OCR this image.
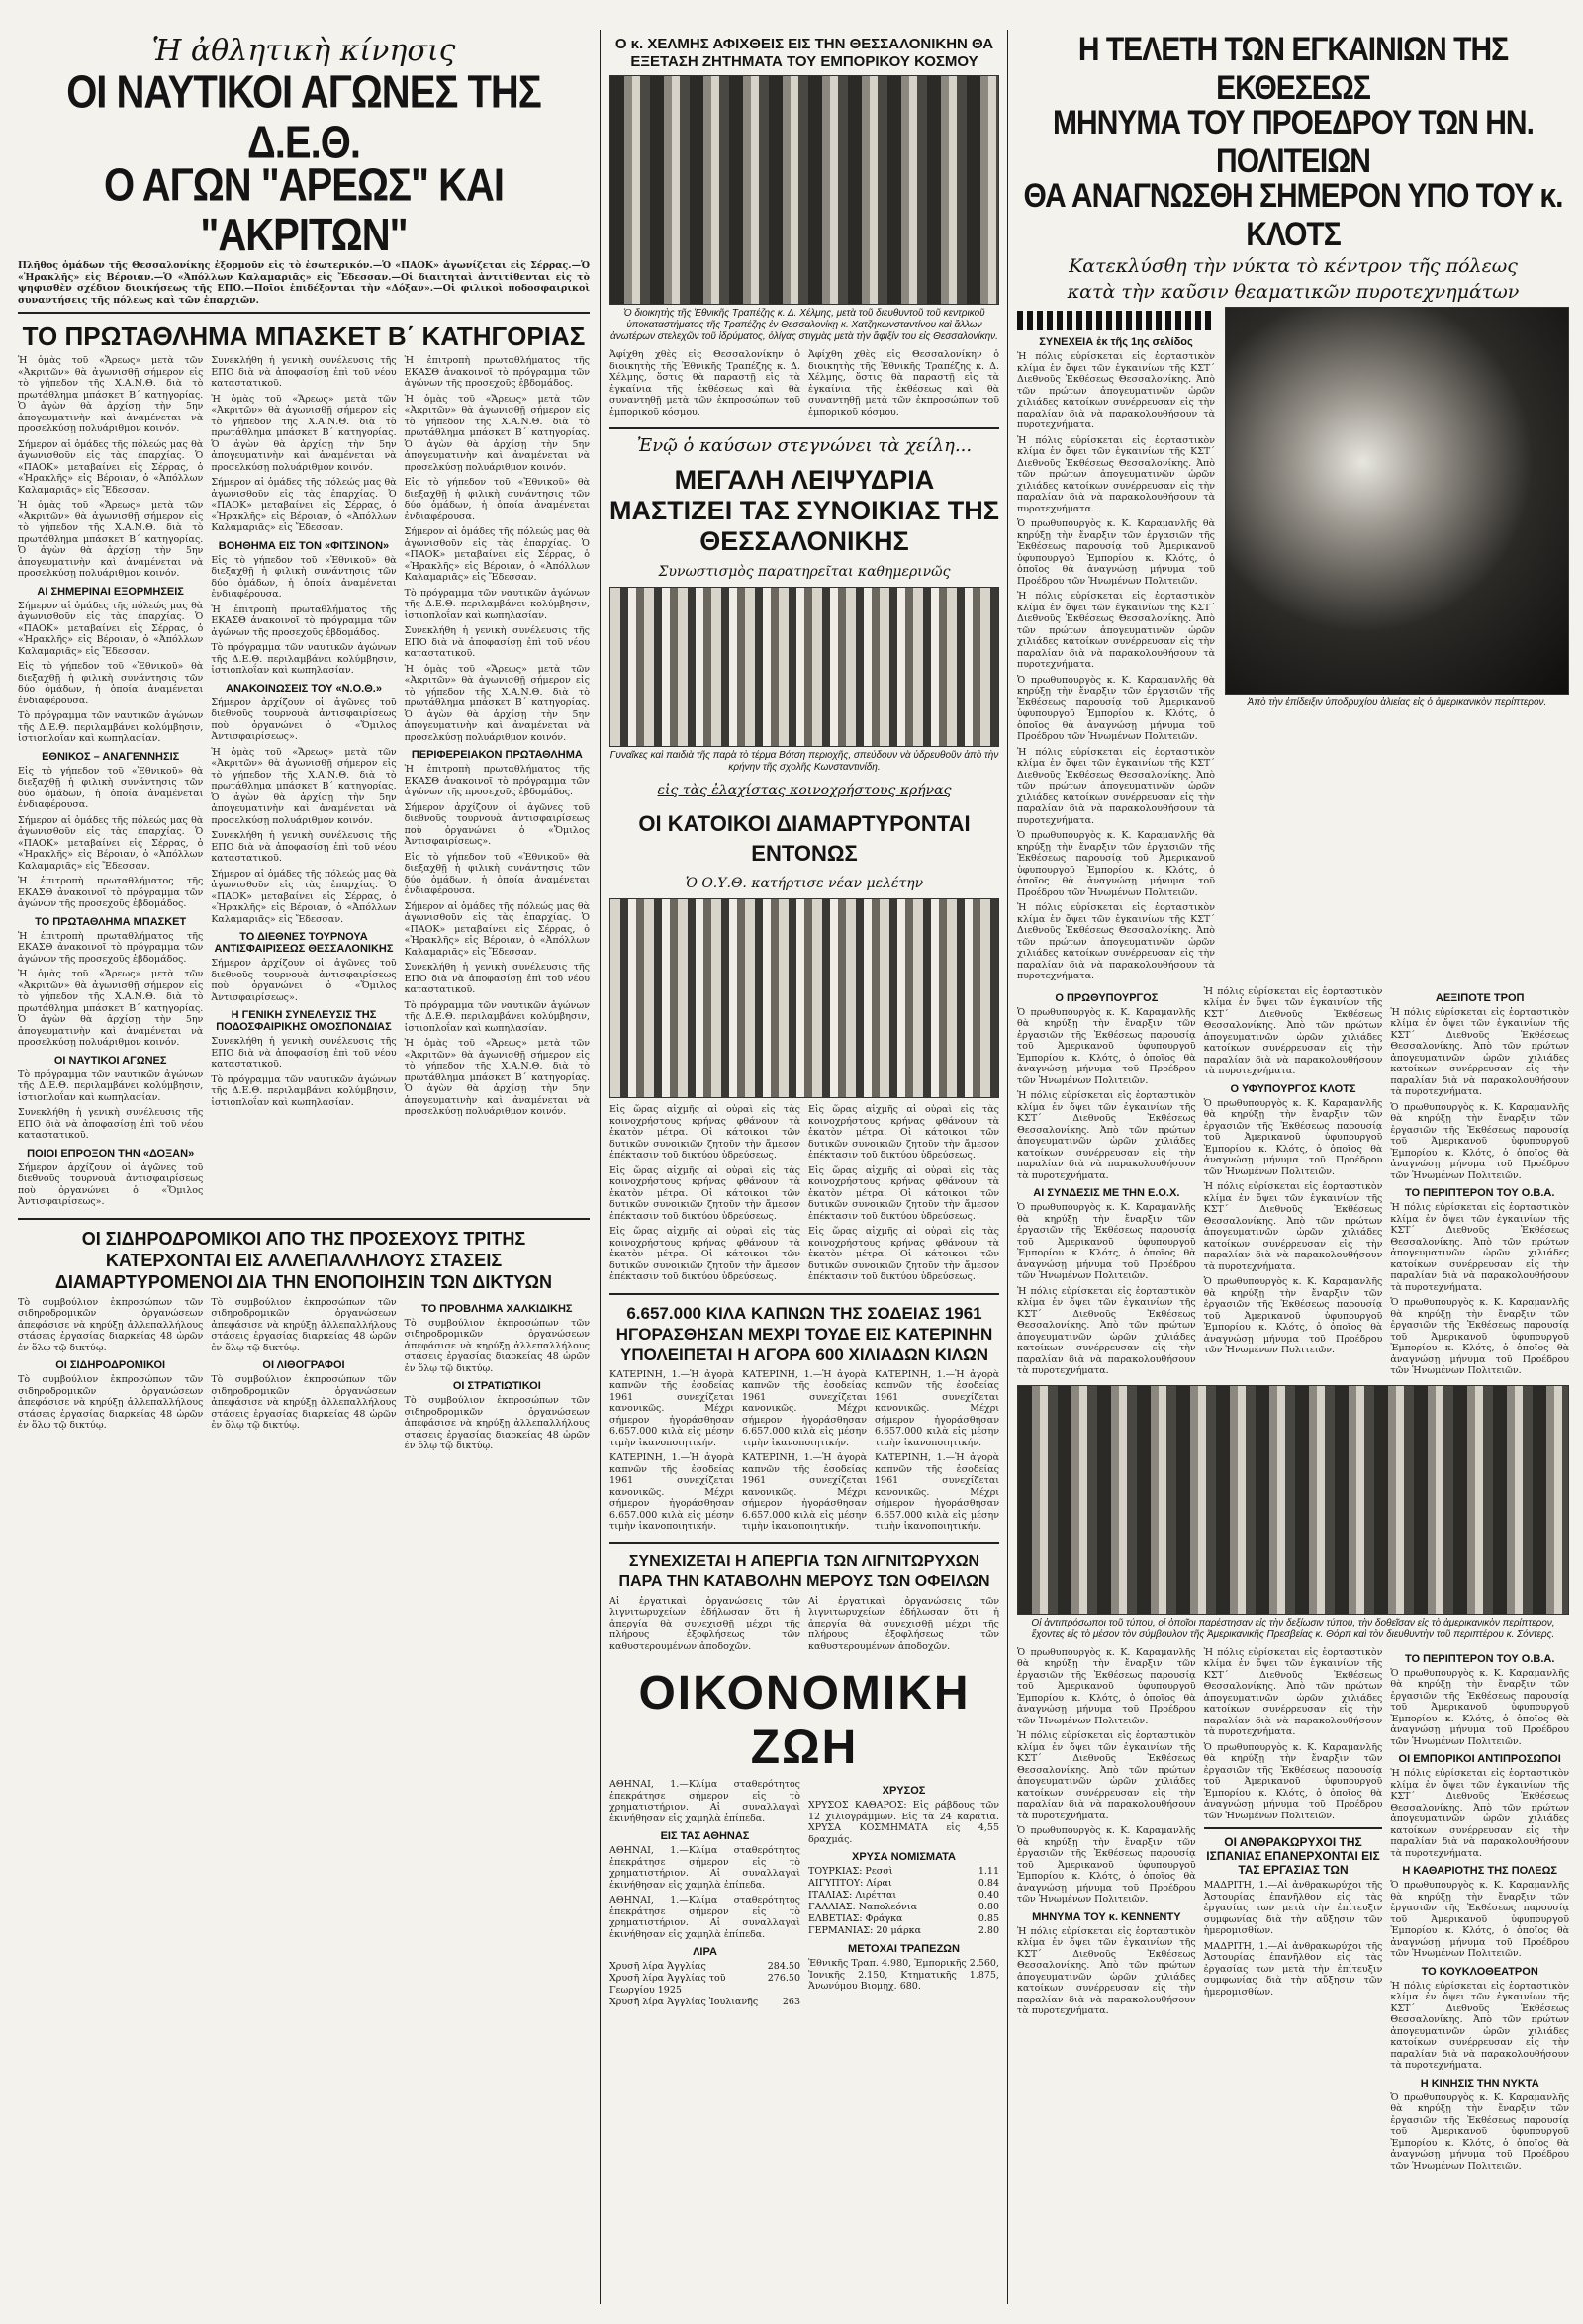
Ἡ ἀθλητικὴ κίνησις
ΟΙ ΝΑΥΤΙΚΟΙ ΑΓΩΝΕΣ ΤΗΣ Δ.Ε.Θ.
Ο ΑΓΩΝ "ΑΡΕΩΣ" ΚΑΙ "ΑΚΡΙΤΩΝ"

Πλῆθος ὁμάδων τῆς Θεσσαλονίκης ἐξορμοῦν εἰς τὸ ἐσωτερικόν.—Ὁ «ΠΑΟΚ» ἀγωνίζεται εἰς Σέρρας.—Ὁ «Ἡρακλῆς» εἰς Βέροιαν.—Ὁ «Ἀπόλλων Καλαμαριᾶς» εἰς Ἔδεσσαν.—Οἱ διαιτηταὶ ἀντιτίθενται εἰς τὸ ψηφισθὲν σχέδιον διοικήσεως τῆς ΕΠΟ.—Ποῖοι ἐπιδέξονται τὴν «Δόξαν».—Οἱ φιλικοὶ ποδοσφαιρικοὶ συναντήσεις τῆς πόλεως καὶ τῶν ἐπαρχιῶν.

ΤΟ ΠΡΩΤΑΘΛΗΜΑ ΜΠΑΣΚΕΤ Β΄ ΚΑΤΗΓΟΡΙΑΣ

Ἡ ὁμὰς τοῦ «Ἄρεως» μετὰ τῶν «Ἀκριτῶν» θὰ ἀγωνισθῇ σήμερον εἰς τὸ γήπεδον τῆς Χ.Α.Ν.Θ. διὰ τὸ πρωτάθλημα μπάσκετ Β΄ κατηγορίας. Ὁ ἀγὼν θὰ ἀρχίσῃ τὴν 5ην ἀπογευματινὴν καὶ ἀναμένεται νὰ προσελκύσῃ πολυάριθμον κοινόν.

Σήμερον αἱ ὁμάδες τῆς πόλεώς μας θὰ ἀγωνισθοῦν εἰς τὰς ἐπαρχίας. Ὁ «ΠΑΟΚ» μεταβαίνει εἰς Σέρρας, ὁ «Ἡρακλῆς» εἰς Βέροιαν, ὁ «Ἀπόλλων Καλαμαριᾶς» εἰς Ἔδεσσαν.

Ἡ ὁμὰς τοῦ «Ἄρεως» μετὰ τῶν «Ἀκριτῶν» θὰ ἀγωνισθῇ σήμερον εἰς τὸ γήπεδον τῆς Χ.Α.Ν.Θ. διὰ τὸ πρωτάθλημα μπάσκετ Β΄ κατηγορίας. Ὁ ἀγὼν θὰ ἀρχίσῃ τὴν 5ην ἀπογευματινὴν καὶ ἀναμένεται νὰ προσελκύσῃ πολυάριθμον κοινόν.

ΑΙ ΣΗΜΕΡΙΝΑΙ ΕΞΟΡΜΗΣΕΙΣ

Σήμερον αἱ ὁμάδες τῆς πόλεώς μας θὰ ἀγωνισθοῦν εἰς τὰς ἐπαρχίας. Ὁ «ΠΑΟΚ» μεταβαίνει εἰς Σέρρας, ὁ «Ἡρακλῆς» εἰς Βέροιαν, ὁ «Ἀπόλλων Καλαμαριᾶς» εἰς Ἔδεσσαν.

Εἰς τὸ γήπεδον τοῦ «Ἐθνικοῦ» θὰ διεξαχθῇ ἡ φιλικὴ συνάντησις τῶν δύο ὁμάδων, ἡ ὁποία ἀναμένεται ἐνδιαφέρουσα.

Τὸ πρόγραμμα τῶν ναυτικῶν ἀγώνων τῆς Δ.Ε.Θ. περιλαμβάνει κολύμβησιν, ἰστιοπλοΐαν καὶ κωπηλασίαν.

ΕΘΝΙΚΟΣ – ΑΝΑΓΕΝΝΗΣΙΣ

Εἰς τὸ γήπεδον τοῦ «Ἐθνικοῦ» θὰ διεξαχθῇ ἡ φιλικὴ συνάντησις τῶν δύο ὁμάδων, ἡ ὁποία ἀναμένεται ἐνδιαφέρουσα.

Σήμερον αἱ ὁμάδες τῆς πόλεώς μας θὰ ἀγωνισθοῦν εἰς τὰς ἐπαρχίας. Ὁ «ΠΑΟΚ» μεταβαίνει εἰς Σέρρας, ὁ «Ἡρακλῆς» εἰς Βέροιαν, ὁ «Ἀπόλλων Καλαμαριᾶς» εἰς Ἔδεσσαν.

Ἡ ἐπιτροπὴ πρωταθλήματος τῆς ΕΚΑΣΘ ἀνακοινοῖ τὸ πρόγραμμα τῶν ἀγώνων τῆς προσεχοῦς ἑβδομάδος.

ΤΟ ΠΡΩΤΑΘΛΗΜΑ ΜΠΑΣΚΕΤ

Ἡ ἐπιτροπὴ πρωταθλήματος τῆς ΕΚΑΣΘ ἀνακοινοῖ τὸ πρόγραμμα τῶν ἀγώνων τῆς προσεχοῦς ἑβδομάδος.

Ἡ ὁμὰς τοῦ «Ἄρεως» μετὰ τῶν «Ἀκριτῶν» θὰ ἀγωνισθῇ σήμερον εἰς τὸ γήπεδον τῆς Χ.Α.Ν.Θ. διὰ τὸ πρωτάθλημα μπάσκετ Β΄ κατηγορίας. Ὁ ἀγὼν θὰ ἀρχίσῃ τὴν 5ην ἀπογευματινὴν καὶ ἀναμένεται νὰ προσελκύσῃ πολυάριθμον κοινόν.

ΟΙ ΝΑΥΤΙΚΟΙ ΑΓΩΝΕΣ

Τὸ πρόγραμμα τῶν ναυτικῶν ἀγώνων τῆς Δ.Ε.Θ. περιλαμβάνει κολύμβησιν, ἰστιοπλοΐαν καὶ κωπηλασίαν.

Συνεκλήθη ἡ γενικὴ συνέλευσις τῆς ΕΠΟ διὰ νὰ ἀποφασίσῃ ἐπὶ τοῦ νέου καταστατικοῦ.

ΠΟΙΟΙ ΕΠΡΟΞΟΝ ΤΗΝ «ΔΟΞΑΝ»

Σήμερον ἀρχίζουν οἱ ἀγῶνες τοῦ διεθνοῦς τουρνουὰ ἀντισφαιρίσεως ποὺ ὀργανώνει ὁ «Ὅμιλος Ἀντισφαιρίσεως».

Συνεκλήθη ἡ γενικὴ συνέλευσις τῆς ΕΠΟ διὰ νὰ ἀποφασίσῃ ἐπὶ τοῦ νέου καταστατικοῦ.

Ἡ ὁμὰς τοῦ «Ἄρεως» μετὰ τῶν «Ἀκριτῶν» θὰ ἀγωνισθῇ σήμερον εἰς τὸ γήπεδον τῆς Χ.Α.Ν.Θ. διὰ τὸ πρωτάθλημα μπάσκετ Β΄ κατηγορίας. Ὁ ἀγὼν θὰ ἀρχίσῃ τὴν 5ην ἀπογευματινὴν καὶ ἀναμένεται νὰ προσελκύσῃ πολυάριθμον κοινόν.

Σήμερον αἱ ὁμάδες τῆς πόλεώς μας θὰ ἀγωνισθοῦν εἰς τὰς ἐπαρχίας. Ὁ «ΠΑΟΚ» μεταβαίνει εἰς Σέρρας, ὁ «Ἡρακλῆς» εἰς Βέροιαν, ὁ «Ἀπόλλων Καλαμαριᾶς» εἰς Ἔδεσσαν.

ΒΟΗΘΗΜΑ ΕΙΣ ΤΟΝ «ΦΙΤΣΙΝΟΝ»

Εἰς τὸ γήπεδον τοῦ «Ἐθνικοῦ» θὰ διεξαχθῇ ἡ φιλικὴ συνάντησις τῶν δύο ὁμάδων, ἡ ὁποία ἀναμένεται ἐνδιαφέρουσα.

Ἡ ἐπιτροπὴ πρωταθλήματος τῆς ΕΚΑΣΘ ἀνακοινοῖ τὸ πρόγραμμα τῶν ἀγώνων τῆς προσεχοῦς ἑβδομάδος.

Τὸ πρόγραμμα τῶν ναυτικῶν ἀγώνων τῆς Δ.Ε.Θ. περιλαμβάνει κολύμβησιν, ἰστιοπλοΐαν καὶ κωπηλασίαν.

ΑΝΑΚΟΙΝΩΣΕΙΣ ΤΟΥ «Ν.Ο.Θ.»

Σήμερον ἀρχίζουν οἱ ἀγῶνες τοῦ διεθνοῦς τουρνουὰ ἀντισφαιρίσεως ποὺ ὀργανώνει ὁ «Ὅμιλος Ἀντισφαιρίσεως».

Ἡ ὁμὰς τοῦ «Ἄρεως» μετὰ τῶν «Ἀκριτῶν» θὰ ἀγωνισθῇ σήμερον εἰς τὸ γήπεδον τῆς Χ.Α.Ν.Θ. διὰ τὸ πρωτάθλημα μπάσκετ Β΄ κατηγορίας. Ὁ ἀγὼν θὰ ἀρχίσῃ τὴν 5ην ἀπογευματινὴν καὶ ἀναμένεται νὰ προσελκύσῃ πολυάριθμον κοινόν.

Συνεκλήθη ἡ γενικὴ συνέλευσις τῆς ΕΠΟ διὰ νὰ ἀποφασίσῃ ἐπὶ τοῦ νέου καταστατικοῦ.

Σήμερον αἱ ὁμάδες τῆς πόλεώς μας θὰ ἀγωνισθοῦν εἰς τὰς ἐπαρχίας. Ὁ «ΠΑΟΚ» μεταβαίνει εἰς Σέρρας, ὁ «Ἡρακλῆς» εἰς Βέροιαν, ὁ «Ἀπόλλων Καλαμαριᾶς» εἰς Ἔδεσσαν.

ΤΟ ΔΙΕΘΝΕΣ ΤΟΥΡΝΟΥΑ ΑΝΤΙΣΦΑΙΡΙΣΕΩΣ ΘΕΣΣΑΛΟΝΙΚΗΣ

Σήμερον ἀρχίζουν οἱ ἀγῶνες τοῦ διεθνοῦς τουρνουὰ ἀντισφαιρίσεως ποὺ ὀργανώνει ὁ «Ὅμιλος Ἀντισφαιρίσεως».

Η ΓΕΝΙΚΗ ΣΥΝΕΛΕΥΣΙΣ ΤΗΣ ΠΟΔΟΣΦΑΙΡΙΚΗΣ ΟΜΟΣΠΟΝΔΙΑΣ

Συνεκλήθη ἡ γενικὴ συνέλευσις τῆς ΕΠΟ διὰ νὰ ἀποφασίσῃ ἐπὶ τοῦ νέου καταστατικοῦ.

Τὸ πρόγραμμα τῶν ναυτικῶν ἀγώνων τῆς Δ.Ε.Θ. περιλαμβάνει κολύμβησιν, ἰστιοπλοΐαν καὶ κωπηλασίαν.

Ἡ ἐπιτροπὴ πρωταθλήματος τῆς ΕΚΑΣΘ ἀνακοινοῖ τὸ πρόγραμμα τῶν ἀγώνων τῆς προσεχοῦς ἑβδομάδος.

Ἡ ὁμὰς τοῦ «Ἄρεως» μετὰ τῶν «Ἀκριτῶν» θὰ ἀγωνισθῇ σήμερον εἰς τὸ γήπεδον τῆς Χ.Α.Ν.Θ. διὰ τὸ πρωτάθλημα μπάσκετ Β΄ κατηγορίας. Ὁ ἀγὼν θὰ ἀρχίσῃ τὴν 5ην ἀπογευματινὴν καὶ ἀναμένεται νὰ προσελκύσῃ πολυάριθμον κοινόν.

Εἰς τὸ γήπεδον τοῦ «Ἐθνικοῦ» θὰ διεξαχθῇ ἡ φιλικὴ συνάντησις τῶν δύο ὁμάδων, ἡ ὁποία ἀναμένεται ἐνδιαφέρουσα.

Σήμερον αἱ ὁμάδες τῆς πόλεώς μας θὰ ἀγωνισθοῦν εἰς τὰς ἐπαρχίας. Ὁ «ΠΑΟΚ» μεταβαίνει εἰς Σέρρας, ὁ «Ἡρακλῆς» εἰς Βέροιαν, ὁ «Ἀπόλλων Καλαμαριᾶς» εἰς Ἔδεσσαν.

Τὸ πρόγραμμα τῶν ναυτικῶν ἀγώνων τῆς Δ.Ε.Θ. περιλαμβάνει κολύμβησιν, ἰστιοπλοΐαν καὶ κωπηλασίαν.

Συνεκλήθη ἡ γενικὴ συνέλευσις τῆς ΕΠΟ διὰ νὰ ἀποφασίσῃ ἐπὶ τοῦ νέου καταστατικοῦ.

Ἡ ὁμὰς τοῦ «Ἄρεως» μετὰ τῶν «Ἀκριτῶν» θὰ ἀγωνισθῇ σήμερον εἰς τὸ γήπεδον τῆς Χ.Α.Ν.Θ. διὰ τὸ πρωτάθλημα μπάσκετ Β΄ κατηγορίας. Ὁ ἀγὼν θὰ ἀρχίσῃ τὴν 5ην ἀπογευματινὴν καὶ ἀναμένεται νὰ προσελκύσῃ πολυάριθμον κοινόν.

ΠΕΡΙΦΕΡΕΙΑΚΟΝ ΠΡΩΤΑΘΛΗΜΑ

Ἡ ἐπιτροπὴ πρωταθλήματος τῆς ΕΚΑΣΘ ἀνακοινοῖ τὸ πρόγραμμα τῶν ἀγώνων τῆς προσεχοῦς ἑβδομάδος.

Σήμερον ἀρχίζουν οἱ ἀγῶνες τοῦ διεθνοῦς τουρνουὰ ἀντισφαιρίσεως ποὺ ὀργανώνει ὁ «Ὅμιλος Ἀντισφαιρίσεως».

Εἰς τὸ γήπεδον τοῦ «Ἐθνικοῦ» θὰ διεξαχθῇ ἡ φιλικὴ συνάντησις τῶν δύο ὁμάδων, ἡ ὁποία ἀναμένεται ἐνδιαφέρουσα.

Σήμερον αἱ ὁμάδες τῆς πόλεώς μας θὰ ἀγωνισθοῦν εἰς τὰς ἐπαρχίας. Ὁ «ΠΑΟΚ» μεταβαίνει εἰς Σέρρας, ὁ «Ἡρακλῆς» εἰς Βέροιαν, ὁ «Ἀπόλλων Καλαμαριᾶς» εἰς Ἔδεσσαν.

Συνεκλήθη ἡ γενικὴ συνέλευσις τῆς ΕΠΟ διὰ νὰ ἀποφασίσῃ ἐπὶ τοῦ νέου καταστατικοῦ.

Τὸ πρόγραμμα τῶν ναυτικῶν ἀγώνων τῆς Δ.Ε.Θ. περιλαμβάνει κολύμβησιν, ἰστιοπλοΐαν καὶ κωπηλασίαν.

Ἡ ὁμὰς τοῦ «Ἄρεως» μετὰ τῶν «Ἀκριτῶν» θὰ ἀγωνισθῇ σήμερον εἰς τὸ γήπεδον τῆς Χ.Α.Ν.Θ. διὰ τὸ πρωτάθλημα μπάσκετ Β΄ κατηγορίας. Ὁ ἀγὼν θὰ ἀρχίσῃ τὴν 5ην ἀπογευματινὴν καὶ ἀναμένεται νὰ προσελκύσῃ πολυάριθμον κοινόν.

ΟΙ ΣΙΔΗΡΟΔΡΟΜΙΚΟΙ ΑΠΟ ΤΗΣ ΠΡΟΣΕΧΟΥΣ ΤΡΙΤΗΣ ΚΑΤΕΡΧΟΝΤΑΙ ΕΙΣ ΑΛΛΕΠΑΛΛΗΛΟΥΣ ΣΤΑΣΕΙΣ ΔΙΑΜΑΡΤΥΡΟΜΕΝΟΙ ΔΙΑ ΤΗΝ ΕΝΟΠΟΙΗΣΙΝ ΤΩΝ ΔΙΚΤΥΩΝ

Τὸ συμβούλιον ἐκπροσώπων τῶν σιδηροδρομικῶν ὀργανώσεων ἀπεφάσισε νὰ κηρύξῃ ἀλλεπαλλήλους στάσεις ἐργασίας διαρκείας 48 ὡρῶν ἐν ὅλῳ τῷ δικτύῳ.

ΟΙ ΣΙΔΗΡΟΔΡΟΜΙΚΟΙ

Τὸ συμβούλιον ἐκπροσώπων τῶν σιδηροδρομικῶν ὀργανώσεων ἀπεφάσισε νὰ κηρύξῃ ἀλλεπαλλήλους στάσεις ἐργασίας διαρκείας 48 ὡρῶν ἐν ὅλῳ τῷ δικτύῳ.

Τὸ συμβούλιον ἐκπροσώπων τῶν σιδηροδρομικῶν ὀργανώσεων ἀπεφάσισε νὰ κηρύξῃ ἀλλεπαλλήλους στάσεις ἐργασίας διαρκείας 48 ὡρῶν ἐν ὅλῳ τῷ δικτύῳ.

ΟΙ ΛΙΘΟΓΡΑΦΟΙ

Τὸ συμβούλιον ἐκπροσώπων τῶν σιδηροδρομικῶν ὀργανώσεων ἀπεφάσισε νὰ κηρύξῃ ἀλλεπαλλήλους στάσεις ἐργασίας διαρκείας 48 ὡρῶν ἐν ὅλῳ τῷ δικτύῳ.

ΤΟ ΠΡΟΒΛΗΜΑ ΧΑΛΚΙΔΙΚΗΣ

Τὸ συμβούλιον ἐκπροσώπων τῶν σιδηροδρομικῶν ὀργανώσεων ἀπεφάσισε νὰ κηρύξῃ ἀλλεπαλλήλους στάσεις ἐργασίας διαρκείας 48 ὡρῶν ἐν ὅλῳ τῷ δικτύῳ.

ΟΙ ΣΤΡΑΤΙΩΤΙΚΟΙ

Τὸ συμβούλιον ἐκπροσώπων τῶν σιδηροδρομικῶν ὀργανώσεων ἀπεφάσισε νὰ κηρύξῃ ἀλλεπαλλήλους στάσεις ἐργασίας διαρκείας 48 ὡρῶν ἐν ὅλῳ τῷ δικτύῳ.

Ο κ. ΧΕΛΜΗΣ ΑΦΙΧΘΕΙΣ ΕΙΣ ΤΗΝ ΘΕΣΣΑΛΟΝΙΚΗΝ ΘΑ ΕΞΕΤΑΣΗ ΖΗΤΗΜΑΤΑ ΤΟΥ ΕΜΠΟΡΙΚΟΥ ΚΟΣΜΟΥ
Ὁ διοικητὴς τῆς Ἐθνικῆς Τραπέζης κ. Δ. Χέλμης, μετὰ τοῦ διευθυντοῦ τοῦ κεντρικοῦ ὑποκαταστήματος τῆς Τραπέζης ἐν Θεσσαλονίκῃ κ. Χατζηκωνσταντίνου καὶ ἄλλων ἀνωτέρων στελεχῶν τοῦ ἱδρύματος, ὀλίγας στιγμὰς μετὰ τὴν ἄφιξίν του εἰς Θεσσαλονίκην.

Ἀφίχθη χθὲς εἰς Θεσσαλονίκην ὁ διοικητὴς τῆς Ἐθνικῆς Τραπέζης κ. Δ. Χέλμης, ὅστις θὰ παραστῇ εἰς τὰ ἐγκαίνια τῆς ἐκθέσεως καὶ θὰ συναντηθῇ μετὰ τῶν ἐκπροσώπων τοῦ ἐμπορικοῦ κόσμου.

Ἀφίχθη χθὲς εἰς Θεσσαλονίκην ὁ διοικητὴς τῆς Ἐθνικῆς Τραπέζης κ. Δ. Χέλμης, ὅστις θὰ παραστῇ εἰς τὰ ἐγκαίνια τῆς ἐκθέσεως καὶ θὰ συναντηθῇ μετὰ τῶν ἐκπροσώπων τοῦ ἐμπορικοῦ κόσμου.

Ἐνῷ ὁ καύσων στεγνώνει τὰ χείλη...
ΜΕΓΑΛΗ ΛΕΙΨΥΔΡΙΑ ΜΑΣΤΙΖΕΙ ΤΑΣ ΣΥΝΟΙΚΙΑΣ ΤΗΣ ΘΕΣΣΑΛΟΝΙΚΗΣ
Συνωστισμὸς παρατηρεῖται καθημερινῶς
Γυναῖκες καὶ παιδιὰ τῆς παρὰ τὸ τέρμα Βότση περιοχῆς, σπεύδουν νὰ ὑδρευθοῦν ἀπὸ τὴν κρήνην τῆς σχολῆς Κωνσταντινίδη.
εἰς τὰς ἐλαχίστας κοινοχρήστους κρήνας
ΟΙ ΚΑΤΟΙΚΟΙ ΔΙΑΜΑΡΤΥΡΟΝΤΑΙ ΕΝΤΟΝΩΣ
Ὁ Ο.Υ.Θ. κατήρτισε νέαν μελέτην

Εἰς ὥρας αἰχμῆς αἱ οὐραὶ εἰς τὰς κοινοχρήστους κρήνας φθάνουν τὰ ἑκατὸν μέτρα. Οἱ κάτοικοι τῶν δυτικῶν συνοικιῶν ζητοῦν τὴν ἄμεσον ἐπέκτασιν τοῦ δικτύου ὑδρεύσεως.

Εἰς ὥρας αἰχμῆς αἱ οὐραὶ εἰς τὰς κοινοχρήστους κρήνας φθάνουν τὰ ἑκατὸν μέτρα. Οἱ κάτοικοι τῶν δυτικῶν συνοικιῶν ζητοῦν τὴν ἄμεσον ἐπέκτασιν τοῦ δικτύου ὑδρεύσεως.

Εἰς ὥρας αἰχμῆς αἱ οὐραὶ εἰς τὰς κοινοχρήστους κρήνας φθάνουν τὰ ἑκατὸν μέτρα. Οἱ κάτοικοι τῶν δυτικῶν συνοικιῶν ζητοῦν τὴν ἄμεσον ἐπέκτασιν τοῦ δικτύου ὑδρεύσεως.

Εἰς ὥρας αἰχμῆς αἱ οὐραὶ εἰς τὰς κοινοχρήστους κρήνας φθάνουν τὰ ἑκατὸν μέτρα. Οἱ κάτοικοι τῶν δυτικῶν συνοικιῶν ζητοῦν τὴν ἄμεσον ἐπέκτασιν τοῦ δικτύου ὑδρεύσεως.

Εἰς ὥρας αἰχμῆς αἱ οὐραὶ εἰς τὰς κοινοχρήστους κρήνας φθάνουν τὰ ἑκατὸν μέτρα. Οἱ κάτοικοι τῶν δυτικῶν συνοικιῶν ζητοῦν τὴν ἄμεσον ἐπέκτασιν τοῦ δικτύου ὑδρεύσεως.

Εἰς ὥρας αἰχμῆς αἱ οὐραὶ εἰς τὰς κοινοχρήστους κρήνας φθάνουν τὰ ἑκατὸν μέτρα. Οἱ κάτοικοι τῶν δυτικῶν συνοικιῶν ζητοῦν τὴν ἄμεσον ἐπέκτασιν τοῦ δικτύου ὑδρεύσεως.

6.657.000 ΚΙΛΑ ΚΑΠΝΩΝ ΤΗΣ ΣΟΔΕΙΑΣ 1961 ΗΓΟΡΑΣΘΗΣΑΝ ΜΕΧΡΙ ΤΟΥΔΕ ΕΙΣ ΚΑΤΕΡΙΝΗΝ ΥΠΟΛΕΙΠΕΤΑΙ Η ΑΓΟΡΑ 600 ΧΙΛΙΑΔΩΝ ΚΙΛΩΝ

ΚΑΤΕΡΙΝΗ, 1.—Ἡ ἀγορὰ καπνῶν τῆς ἐσοδείας 1961 συνεχίζεται κανονικῶς. Μέχρι σήμερον ἠγοράσθησαν 6.657.000 κιλὰ εἰς μέσην τιμὴν ἱκανοποιητικήν.

ΚΑΤΕΡΙΝΗ, 1.—Ἡ ἀγορὰ καπνῶν τῆς ἐσοδείας 1961 συνεχίζεται κανονικῶς. Μέχρι σήμερον ἠγοράσθησαν 6.657.000 κιλὰ εἰς μέσην τιμὴν ἱκανοποιητικήν.

ΚΑΤΕΡΙΝΗ, 1.—Ἡ ἀγορὰ καπνῶν τῆς ἐσοδείας 1961 συνεχίζεται κανονικῶς. Μέχρι σήμερον ἠγοράσθησαν 6.657.000 κιλὰ εἰς μέσην τιμὴν ἱκανοποιητικήν.

ΚΑΤΕΡΙΝΗ, 1.—Ἡ ἀγορὰ καπνῶν τῆς ἐσοδείας 1961 συνεχίζεται κανονικῶς. Μέχρι σήμερον ἠγοράσθησαν 6.657.000 κιλὰ εἰς μέσην τιμὴν ἱκανοποιητικήν.

ΚΑΤΕΡΙΝΗ, 1.—Ἡ ἀγορὰ καπνῶν τῆς ἐσοδείας 1961 συνεχίζεται κανονικῶς. Μέχρι σήμερον ἠγοράσθησαν 6.657.000 κιλὰ εἰς μέσην τιμὴν ἱκανοποιητικήν.

ΚΑΤΕΡΙΝΗ, 1.—Ἡ ἀγορὰ καπνῶν τῆς ἐσοδείας 1961 συνεχίζεται κανονικῶς. Μέχρι σήμερον ἠγοράσθησαν 6.657.000 κιλὰ εἰς μέσην τιμὴν ἱκανοποιητικήν.

ΣΥΝΕΧΙΖΕΤΑΙ Η ΑΠΕΡΓΙΑ ΤΩΝ ΛΙΓΝΙΤΩΡΥΧΩΝ ΠΑΡΑ ΤΗΝ ΚΑΤΑΒΟΛΗΝ ΜΕΡΟΥΣ ΤΩΝ ΟΦΕΙΛΩΝ

Αἱ ἐργατικαὶ ὀργανώσεις τῶν λιγνιτωρυχείων ἐδήλωσαν ὅτι ἡ ἀπεργία θὰ συνεχισθῇ μέχρι τῆς πλήρους ἐξοφλήσεως τῶν καθυστερουμένων ἀποδοχῶν.

Αἱ ἐργατικαὶ ὀργανώσεις τῶν λιγνιτωρυχείων ἐδήλωσαν ὅτι ἡ ἀπεργία θὰ συνεχισθῇ μέχρι τῆς πλήρους ἐξοφλήσεως τῶν καθυστερουμένων ἀποδοχῶν.

ΟΙΚΟΝΟΜΙΚΗ ΖΩΗ

ΑΘΗΝΑΙ, 1.—Κλίμα σταθερότητος ἐπεκράτησε σήμερον εἰς τὸ χρηματιστήριον. Αἱ συναλλαγαὶ ἐκινήθησαν εἰς χαμηλὰ ἐπίπεδα.

ΕΙΣ ΤΑΣ ΑΘΗΝΑΣ

ΑΘΗΝΑΙ, 1.—Κλίμα σταθερότητος ἐπεκράτησε σήμερον εἰς τὸ χρηματιστήριον. Αἱ συναλλαγαὶ ἐκινήθησαν εἰς χαμηλὰ ἐπίπεδα.

ΑΘΗΝΑΙ, 1.—Κλίμα σταθερότητος ἐπεκράτησε σήμερον εἰς τὸ χρηματιστήριον. Αἱ συναλλαγαὶ ἐκινήθησαν εἰς χαμηλὰ ἐπίπεδα.

ΛΙΡΑ
Χρυσῆ λίρα Ἀγγλίας	284.50
Χρυσῆ λίρα Ἀγγλίας τοῦ Γεωργίου 1925
276.50
Χρυσῆ λίρα Ἀγγλίας Ἰουλιανῆς	263
ΧΡΥΣΟΣ

ΧΡΥΣΟΣ ΚΑΘΑΡΟΣ: Εἰς ράβδους τῶν 12 χιλιογράμμων. Εἰς τὰ 24 καράτια. ΧΡΥΣΑ ΚΟΣΜΗΜΑΤΑ εἰς 4,55 δραχμάς.

ΧΡΥΣΑ ΝΟΜΙΣΜΑΤΑ
ΤΟΥΡΚΙΑΣ: Ρεσσὶ	1.11
ΑΙΓΥΠΤΟΥ: Λίραι	0.84
ΙΤΑΛΙΑΣ: Λιρέτται	0.40
ΓΑΛΛΙΑΣ: Ναπολεόνια	0.80
ΕΛΒΕΤΙΑΣ: Φράγκα	0.85
ΓΕΡΜΑΝΙΑΣ: 20 μάρκα	2.80
ΜΕΤΟΧΑΙ ΤΡΑΠΕΖΩΝ

Ἐθνικῆς Τραπ. 4.980, Ἐμπορικῆς 2.560, Ἰονικῆς 2.150, Κτηματικῆς 1.875, Ἀνωνύμου Βιομηχ. 680.

Η ΤΕΛΕΤΗ ΤΩΝ ΕΓΚΑΙΝΙΩΝ ΤΗΣ ΕΚΘΕΣΕΩΣ
ΜΗΝΥΜΑ ΤΟΥ ΠΡΟΕΔΡΟΥ ΤΩΝ ΗΝ. ΠΟΛΙΤΕΙΩΝ
ΘΑ ΑΝΑΓΝΩΣΘΗ ΣΗΜΕΡΟΝ ΥΠΟ ΤΟΥ κ. ΚΛΟΤΣ
Κατεκλύσθη τὴν νύκτα τὸ κέντρον τῆς πόλεως
κατὰ τὴν καῦσιν θεαματικῶν πυροτεχνημάτων
ΣΥΝΕΧΕΙΑ ἐκ τῆς 1ης σελίδος

Ἡ πόλις εὑρίσκεται εἰς ἑορταστικὸν κλίμα ἐν ὄψει τῶν ἐγκαινίων τῆς ΚΣΤ΄ Διεθνοῦς Ἐκθέσεως Θεσσαλονίκης. Ἀπὸ τῶν πρώτων ἀπογευματινῶν ὡρῶν χιλιάδες κατοίκων συνέρρευσαν εἰς τὴν παραλίαν διὰ νὰ παρακολουθήσουν τὰ πυροτεχνήματα.

Ἡ πόλις εὑρίσκεται εἰς ἑορταστικὸν κλίμα ἐν ὄψει τῶν ἐγκαινίων τῆς ΚΣΤ΄ Διεθνοῦς Ἐκθέσεως Θεσσαλονίκης. Ἀπὸ τῶν πρώτων ἀπογευματινῶν ὡρῶν χιλιάδες κατοίκων συνέρρευσαν εἰς τὴν παραλίαν διὰ νὰ παρακολουθήσουν τὰ πυροτεχνήματα.

Ὁ πρωθυπουργὸς κ. Κ. Καραμανλῆς θὰ κηρύξῃ τὴν ἔναρξιν τῶν ἐργασιῶν τῆς Ἐκθέσεως παρουσίᾳ τοῦ Ἀμερικανοῦ ὑφυπουργοῦ Ἐμπορίου κ. Κλότς, ὁ ὁποῖος θὰ ἀναγνώσῃ μήνυμα τοῦ Προέδρου τῶν Ἡνωμένων Πολιτειῶν.

Ἡ πόλις εὑρίσκεται εἰς ἑορταστικὸν κλίμα ἐν ὄψει τῶν ἐγκαινίων τῆς ΚΣΤ΄ Διεθνοῦς Ἐκθέσεως Θεσσαλονίκης. Ἀπὸ τῶν πρώτων ἀπογευματινῶν ὡρῶν χιλιάδες κατοίκων συνέρρευσαν εἰς τὴν παραλίαν διὰ νὰ παρακολουθήσουν τὰ πυροτεχνήματα.

Ὁ πρωθυπουργὸς κ. Κ. Καραμανλῆς θὰ κηρύξῃ τὴν ἔναρξιν τῶν ἐργασιῶν τῆς Ἐκθέσεως παρουσίᾳ τοῦ Ἀμερικανοῦ ὑφυπουργοῦ Ἐμπορίου κ. Κλότς, ὁ ὁποῖος θὰ ἀναγνώσῃ μήνυμα τοῦ Προέδρου τῶν Ἡνωμένων Πολιτειῶν.

Ἡ πόλις εὑρίσκεται εἰς ἑορταστικὸν κλίμα ἐν ὄψει τῶν ἐγκαινίων τῆς ΚΣΤ΄ Διεθνοῦς Ἐκθέσεως Θεσσαλονίκης. Ἀπὸ τῶν πρώτων ἀπογευματινῶν ὡρῶν χιλιάδες κατοίκων συνέρρευσαν εἰς τὴν παραλίαν διὰ νὰ παρακολουθήσουν τὰ πυροτεχνήματα.

Ὁ πρωθυπουργὸς κ. Κ. Καραμανλῆς θὰ κηρύξῃ τὴν ἔναρξιν τῶν ἐργασιῶν τῆς Ἐκθέσεως παρουσίᾳ τοῦ Ἀμερικανοῦ ὑφυπουργοῦ Ἐμπορίου κ. Κλότς, ὁ ὁποῖος θὰ ἀναγνώσῃ μήνυμα τοῦ Προέδρου τῶν Ἡνωμένων Πολιτειῶν.

Ἡ πόλις εὑρίσκεται εἰς ἑορταστικὸν κλίμα ἐν ὄψει τῶν ἐγκαινίων τῆς ΚΣΤ΄ Διεθνοῦς Ἐκθέσεως Θεσσαλονίκης. Ἀπὸ τῶν πρώτων ἀπογευματινῶν ὡρῶν χιλιάδες κατοίκων συνέρρευσαν εἰς τὴν παραλίαν διὰ νὰ παρακολουθήσουν τὰ πυροτεχνήματα.

Ἀπὸ τὴν ἐπίδειξιν ὑποδρυχίου ἁλιείας εἰς ὁ ἀμερικανικὸν περίπτερον.
Ο ΠΡΩΘΥΠΟΥΡΓΟΣ

Ὁ πρωθυπουργὸς κ. Κ. Καραμανλῆς θὰ κηρύξῃ τὴν ἔναρξιν τῶν ἐργασιῶν τῆς Ἐκθέσεως παρουσίᾳ τοῦ Ἀμερικανοῦ ὑφυπουργοῦ Ἐμπορίου κ. Κλότς, ὁ ὁποῖος θὰ ἀναγνώσῃ μήνυμα τοῦ Προέδρου τῶν Ἡνωμένων Πολιτειῶν.

Ἡ πόλις εὑρίσκεται εἰς ἑορταστικὸν κλίμα ἐν ὄψει τῶν ἐγκαινίων τῆς ΚΣΤ΄ Διεθνοῦς Ἐκθέσεως Θεσσαλονίκης. Ἀπὸ τῶν πρώτων ἀπογευματινῶν ὡρῶν χιλιάδες κατοίκων συνέρρευσαν εἰς τὴν παραλίαν διὰ νὰ παρακολουθήσουν τὰ πυροτεχνήματα.

ΑΙ ΣΥΝΔΕΣΙΣ ΜΕ ΤΗΝ Ε.Ο.Χ.

Ὁ πρωθυπουργὸς κ. Κ. Καραμανλῆς θὰ κηρύξῃ τὴν ἔναρξιν τῶν ἐργασιῶν τῆς Ἐκθέσεως παρουσίᾳ τοῦ Ἀμερικανοῦ ὑφυπουργοῦ Ἐμπορίου κ. Κλότς, ὁ ὁποῖος θὰ ἀναγνώσῃ μήνυμα τοῦ Προέδρου τῶν Ἡνωμένων Πολιτειῶν.

Ἡ πόλις εὑρίσκεται εἰς ἑορταστικὸν κλίμα ἐν ὄψει τῶν ἐγκαινίων τῆς ΚΣΤ΄ Διεθνοῦς Ἐκθέσεως Θεσσαλονίκης. Ἀπὸ τῶν πρώτων ἀπογευματινῶν ὡρῶν χιλιάδες κατοίκων συνέρρευσαν εἰς τὴν παραλίαν διὰ νὰ παρακολουθήσουν τὰ πυροτεχνήματα.

Ἡ πόλις εὑρίσκεται εἰς ἑορταστικὸν κλίμα ἐν ὄψει τῶν ἐγκαινίων τῆς ΚΣΤ΄ Διεθνοῦς Ἐκθέσεως Θεσσαλονίκης. Ἀπὸ τῶν πρώτων ἀπογευματινῶν ὡρῶν χιλιάδες κατοίκων συνέρρευσαν εἰς τὴν παραλίαν διὰ νὰ παρακολουθήσουν τὰ πυροτεχνήματα.

Ο ΥΦΥΠΟΥΡΓΟΣ ΚΛΟΤΣ

Ὁ πρωθυπουργὸς κ. Κ. Καραμανλῆς θὰ κηρύξῃ τὴν ἔναρξιν τῶν ἐργασιῶν τῆς Ἐκθέσεως παρουσίᾳ τοῦ Ἀμερικανοῦ ὑφυπουργοῦ Ἐμπορίου κ. Κλότς, ὁ ὁποῖος θὰ ἀναγνώσῃ μήνυμα τοῦ Προέδρου τῶν Ἡνωμένων Πολιτειῶν.

Ἡ πόλις εὑρίσκεται εἰς ἑορταστικὸν κλίμα ἐν ὄψει τῶν ἐγκαινίων τῆς ΚΣΤ΄ Διεθνοῦς Ἐκθέσεως Θεσσαλονίκης. Ἀπὸ τῶν πρώτων ἀπογευματινῶν ὡρῶν χιλιάδες κατοίκων συνέρρευσαν εἰς τὴν παραλίαν διὰ νὰ παρακολουθήσουν τὰ πυροτεχνήματα.

Ὁ πρωθυπουργὸς κ. Κ. Καραμανλῆς θὰ κηρύξῃ τὴν ἔναρξιν τῶν ἐργασιῶν τῆς Ἐκθέσεως παρουσίᾳ τοῦ Ἀμερικανοῦ ὑφυπουργοῦ Ἐμπορίου κ. Κλότς, ὁ ὁποῖος θὰ ἀναγνώσῃ μήνυμα τοῦ Προέδρου τῶν Ἡνωμένων Πολιτειῶν.

ΑΕΞΙΠΟΤΕ ΤΡΟΠ

Ἡ πόλις εὑρίσκεται εἰς ἑορταστικὸν κλίμα ἐν ὄψει τῶν ἐγκαινίων τῆς ΚΣΤ΄ Διεθνοῦς Ἐκθέσεως Θεσσαλονίκης. Ἀπὸ τῶν πρώτων ἀπογευματινῶν ὡρῶν χιλιάδες κατοίκων συνέρρευσαν εἰς τὴν παραλίαν διὰ νὰ παρακολουθήσουν τὰ πυροτεχνήματα.

Ὁ πρωθυπουργὸς κ. Κ. Καραμανλῆς θὰ κηρύξῃ τὴν ἔναρξιν τῶν ἐργασιῶν τῆς Ἐκθέσεως παρουσίᾳ τοῦ Ἀμερικανοῦ ὑφυπουργοῦ Ἐμπορίου κ. Κλότς, ὁ ὁποῖος θὰ ἀναγνώσῃ μήνυμα τοῦ Προέδρου τῶν Ἡνωμένων Πολιτειῶν.

ΤΟ ΠΕΡΙΠΤΕΡΟΝ ΤΟΥ Ο.Β.Α.

Ἡ πόλις εὑρίσκεται εἰς ἑορταστικὸν κλίμα ἐν ὄψει τῶν ἐγκαινίων τῆς ΚΣΤ΄ Διεθνοῦς Ἐκθέσεως Θεσσαλονίκης. Ἀπὸ τῶν πρώτων ἀπογευματινῶν ὡρῶν χιλιάδες κατοίκων συνέρρευσαν εἰς τὴν παραλίαν διὰ νὰ παρακολουθήσουν τὰ πυροτεχνήματα.

Ὁ πρωθυπουργὸς κ. Κ. Καραμανλῆς θὰ κηρύξῃ τὴν ἔναρξιν τῶν ἐργασιῶν τῆς Ἐκθέσεως παρουσίᾳ τοῦ Ἀμερικανοῦ ὑφυπουργοῦ Ἐμπορίου κ. Κλότς, ὁ ὁποῖος θὰ ἀναγνώσῃ μήνυμα τοῦ Προέδρου τῶν Ἡνωμένων Πολιτειῶν.

Οἱ ἀντιπρόσωποι τοῦ τύπου, οἱ ὁποῖοι παρέστησαν εἰς τὴν δεξίωσιν τύπου, τὴν δοθεῖσαν εἰς τὸ ἀμερικανικὸν περίπτερον, ἔχοντες εἰς τὸ μέσον τὸν σύμβουλον τῆς Ἀμερικανικῆς Πρεσβείας κ. Θόρπ καὶ τὸν διευθυντὴν τοῦ περιπτέρου κ. Σόντερς.

Ὁ πρωθυπουργὸς κ. Κ. Καραμανλῆς θὰ κηρύξῃ τὴν ἔναρξιν τῶν ἐργασιῶν τῆς Ἐκθέσεως παρουσίᾳ τοῦ Ἀμερικανοῦ ὑφυπουργοῦ Ἐμπορίου κ. Κλότς, ὁ ὁποῖος θὰ ἀναγνώσῃ μήνυμα τοῦ Προέδρου τῶν Ἡνωμένων Πολιτειῶν.

Ἡ πόλις εὑρίσκεται εἰς ἑορταστικὸν κλίμα ἐν ὄψει τῶν ἐγκαινίων τῆς ΚΣΤ΄ Διεθνοῦς Ἐκθέσεως Θεσσαλονίκης. Ἀπὸ τῶν πρώτων ἀπογευματινῶν ὡρῶν χιλιάδες κατοίκων συνέρρευσαν εἰς τὴν παραλίαν διὰ νὰ παρακολουθήσουν τὰ πυροτεχνήματα.

Ὁ πρωθυπουργὸς κ. Κ. Καραμανλῆς θὰ κηρύξῃ τὴν ἔναρξιν τῶν ἐργασιῶν τῆς Ἐκθέσεως παρουσίᾳ τοῦ Ἀμερικανοῦ ὑφυπουργοῦ Ἐμπορίου κ. Κλότς, ὁ ὁποῖος θὰ ἀναγνώσῃ μήνυμα τοῦ Προέδρου τῶν Ἡνωμένων Πολιτειῶν.

ΜΗΝΥΜΑ ΤΟΥ κ. ΚΕΝΝΕΝΤΥ

Ἡ πόλις εὑρίσκεται εἰς ἑορταστικὸν κλίμα ἐν ὄψει τῶν ἐγκαινίων τῆς ΚΣΤ΄ Διεθνοῦς Ἐκθέσεως Θεσσαλονίκης. Ἀπὸ τῶν πρώτων ἀπογευματινῶν ὡρῶν χιλιάδες κατοίκων συνέρρευσαν εἰς τὴν παραλίαν διὰ νὰ παρακολουθήσουν τὰ πυροτεχνήματα.

Ἡ πόλις εὑρίσκεται εἰς ἑορταστικὸν κλίμα ἐν ὄψει τῶν ἐγκαινίων τῆς ΚΣΤ΄ Διεθνοῦς Ἐκθέσεως Θεσσαλονίκης. Ἀπὸ τῶν πρώτων ἀπογευματινῶν ὡρῶν χιλιάδες κατοίκων συνέρρευσαν εἰς τὴν παραλίαν διὰ νὰ παρακολουθήσουν τὰ πυροτεχνήματα.

Ὁ πρωθυπουργὸς κ. Κ. Καραμανλῆς θὰ κηρύξῃ τὴν ἔναρξιν τῶν ἐργασιῶν τῆς Ἐκθέσεως παρουσίᾳ τοῦ Ἀμερικανοῦ ὑφυπουργοῦ Ἐμπορίου κ. Κλότς, ὁ ὁποῖος θὰ ἀναγνώσῃ μήνυμα τοῦ Προέδρου τῶν Ἡνωμένων Πολιτειῶν.

ΟΙ ΑΝΘΡΑΚΩΡΥΧΟΙ ΤΗΣ ΙΣΠΑΝΙΑΣ ΕΠΑΝΕΡΧΟΝΤΑΙ ΕΙΣ ΤΑΣ ΕΡΓΑΣΙΑΣ ΤΩΝ

ΜΑΔΡΙΤΗ, 1.—Αἱ ἀνθρακωρύχοι τῆς Ἀστουρίας ἐπανῆλθον εἰς τὰς ἐργασίας των μετὰ τὴν ἐπίτευξιν συμφωνίας διὰ τὴν αὔξησιν τῶν ἡμερομισθίων.

ΜΑΔΡΙΤΗ, 1.—Αἱ ἀνθρακωρύχοι τῆς Ἀστουρίας ἐπανῆλθον εἰς τὰς ἐργασίας των μετὰ τὴν ἐπίτευξιν συμφωνίας διὰ τὴν αὔξησιν τῶν ἡμερομισθίων.

ΤΟ ΠΕΡΙΠΤΕΡΟΝ ΤΟΥ Ο.Β.Α.

Ὁ πρωθυπουργὸς κ. Κ. Καραμανλῆς θὰ κηρύξῃ τὴν ἔναρξιν τῶν ἐργασιῶν τῆς Ἐκθέσεως παρουσίᾳ τοῦ Ἀμερικανοῦ ὑφυπουργοῦ Ἐμπορίου κ. Κλότς, ὁ ὁποῖος θὰ ἀναγνώσῃ μήνυμα τοῦ Προέδρου τῶν Ἡνωμένων Πολιτειῶν.

ΟΙ ΕΜΠΟΡΙΚΟΙ ΑΝΤΙΠΡΟΣΩΠΟΙ

Ἡ πόλις εὑρίσκεται εἰς ἑορταστικὸν κλίμα ἐν ὄψει τῶν ἐγκαινίων τῆς ΚΣΤ΄ Διεθνοῦς Ἐκθέσεως Θεσσαλονίκης. Ἀπὸ τῶν πρώτων ἀπογευματινῶν ὡρῶν χιλιάδες κατοίκων συνέρρευσαν εἰς τὴν παραλίαν διὰ νὰ παρακολουθήσουν τὰ πυροτεχνήματα.

Η ΚΑΘΑΡΙΟΤΗΣ ΤΗΣ ΠΟΛΕΩΣ

Ὁ πρωθυπουργὸς κ. Κ. Καραμανλῆς θὰ κηρύξῃ τὴν ἔναρξιν τῶν ἐργασιῶν τῆς Ἐκθέσεως παρουσίᾳ τοῦ Ἀμερικανοῦ ὑφυπουργοῦ Ἐμπορίου κ. Κλότς, ὁ ὁποῖος θὰ ἀναγνώσῃ μήνυμα τοῦ Προέδρου τῶν Ἡνωμένων Πολιτειῶν.

ΤΟ ΚΟΥΚΛΟΘΕΑΤΡΟΝ

Ἡ πόλις εὑρίσκεται εἰς ἑορταστικὸν κλίμα ἐν ὄψει τῶν ἐγκαινίων τῆς ΚΣΤ΄ Διεθνοῦς Ἐκθέσεως Θεσσαλονίκης. Ἀπὸ τῶν πρώτων ἀπογευματινῶν ὡρῶν χιλιάδες κατοίκων συνέρρευσαν εἰς τὴν παραλίαν διὰ νὰ παρακολουθήσουν τὰ πυροτεχνήματα.

Η ΚΙΝΗΣΙΣ ΤΗΝ ΝΥΚΤΑ

Ὁ πρωθυπουργὸς κ. Κ. Καραμανλῆς θὰ κηρύξῃ τὴν ἔναρξιν τῶν ἐργασιῶν τῆς Ἐκθέσεως παρουσίᾳ τοῦ Ἀμερικανοῦ ὑφυπουργοῦ Ἐμπορίου κ. Κλότς, ὁ ὁποῖος θὰ ἀναγνώσῃ μήνυμα τοῦ Προέδρου τῶν Ἡνωμένων Πολιτειῶν.
